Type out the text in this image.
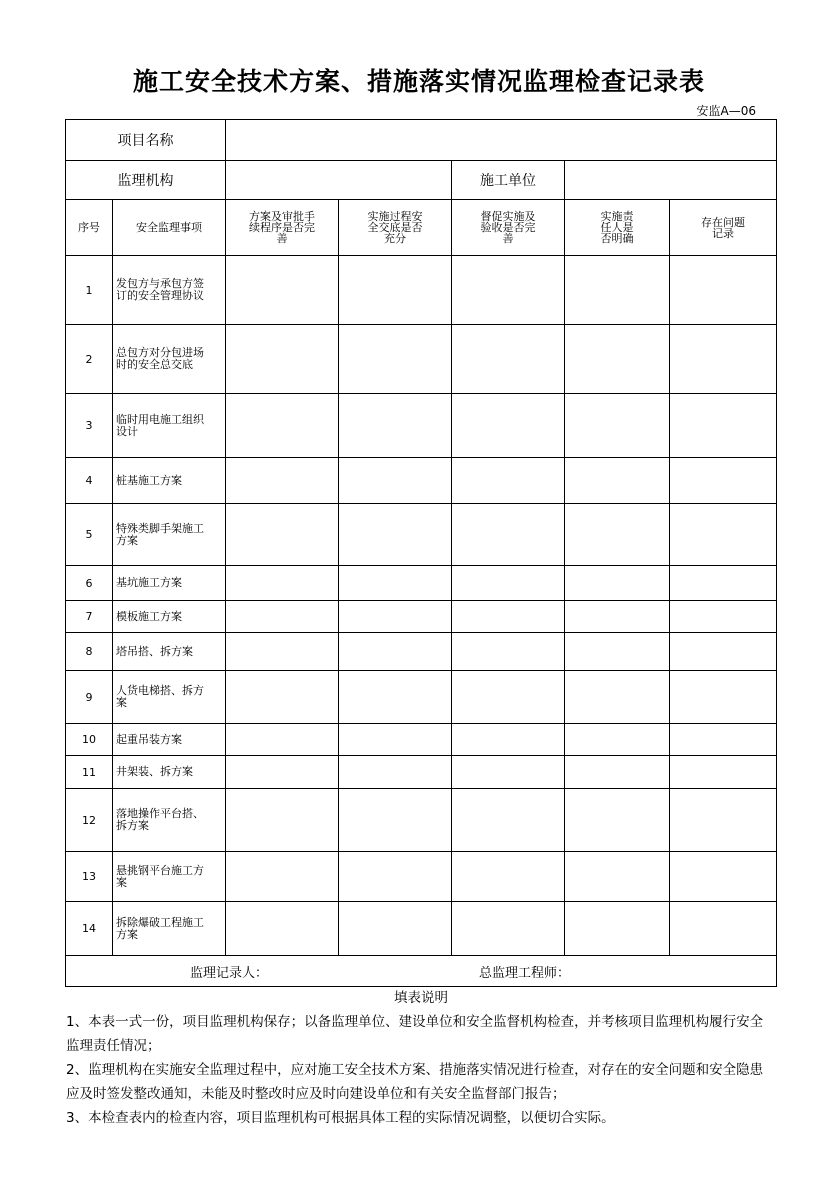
施工安全技术方案、措施落实情况监理检查记录表
安监A—06
项目名称						
监理机构				施工单位		
序号	安全监理事项	方案及审批手续程序是否完善	实施过程安全交底是否充分	督促实施及验收是否完善	实施责任人是否明确	存在问题记录
1	发包方与承包方签订的安全管理协议					
2	总包方对分包进场时的安全总交底					
3	临时用电施工组织设计					
4	桩基施工方案					
5	特殊类脚手架施工方案					
6	基坑施工方案					
7	模板施工方案					
8	塔吊搭、拆方案					
9	人货电梯搭、拆方案					
10	起重吊装方案					
11	井架装、拆方案					
12	落地操作平台搭、拆方案					
13	悬挑钢平台施工方案					
14	拆除爆破工程施工方案					

监理记录人：	总监理工程师：
填表说明

1、本表一式一份，项目监理机构保存；以备监理单位、建设单位和安全监督机构检查，并考核项目监理机构履行安全监理责任情况；

2、监理机构在实施安全监理过程中，应对施工安全技术方案、措施落实情况进行检查，对存在的安全问题和安全隐患应及时签发整改通知，未能及时整改时应及时向建设单位和有关安全监督部门报告；

3、本检查表内的检查内容，项目监理机构可根据具体工程的实际情况调整，以便切合实际。
